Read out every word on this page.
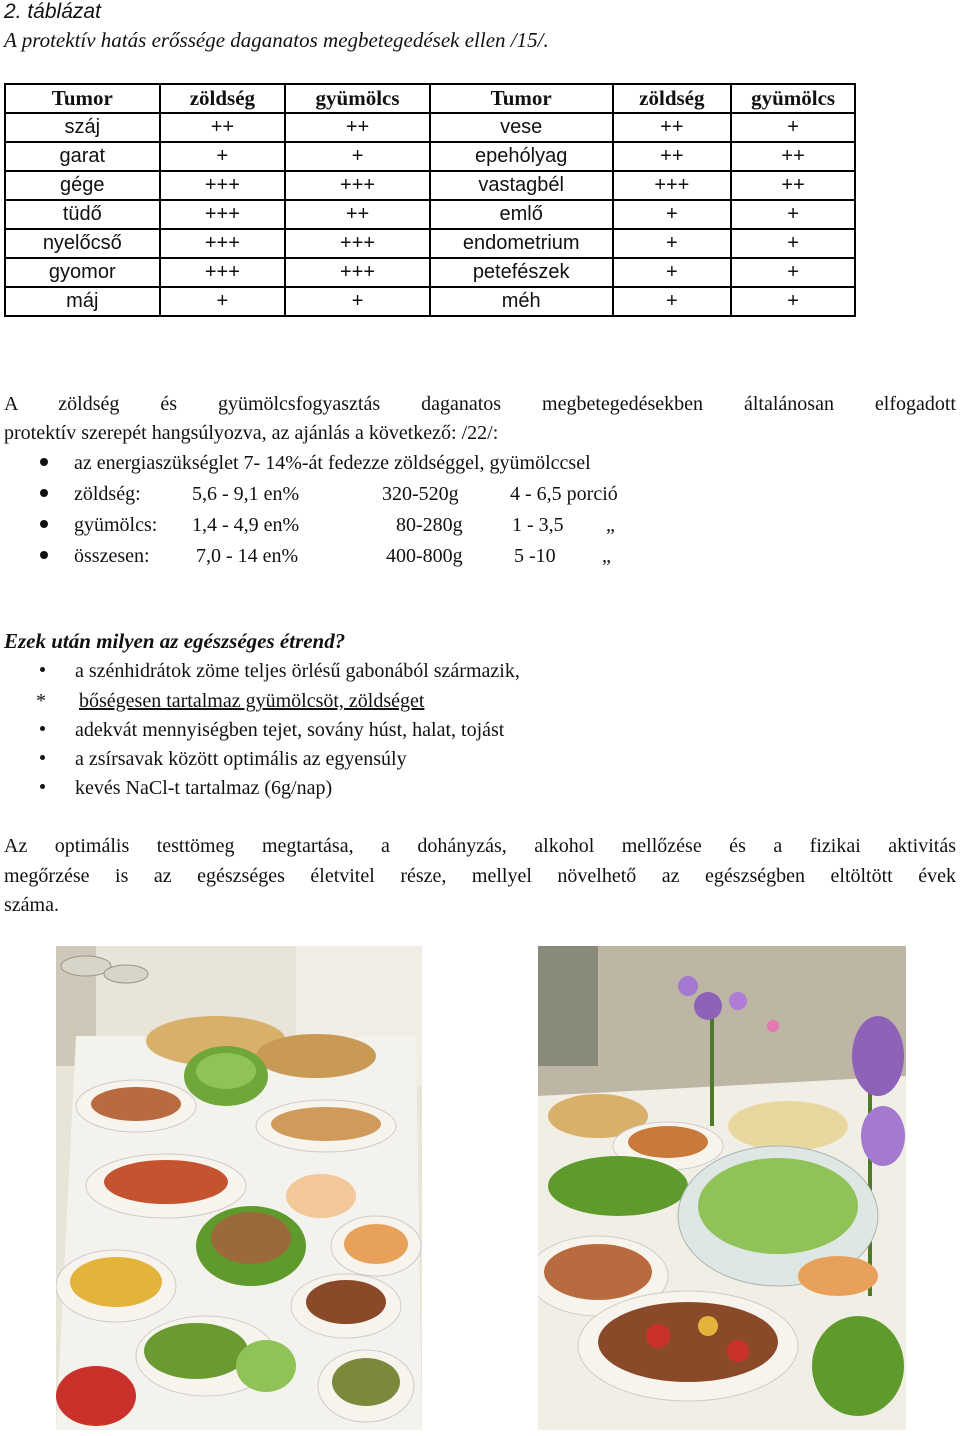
2. táblázat
A protektív hatás erőssége daganatos megbetegedések ellen /15/.
Tumor	zöldség	gyümölcs	Tumor	zöldség	gyümölcs
száj	++	++	vese	++	+
garat	+	+	epehólyag	++	++
gége	+++	+++	vastagbél	+++	++
tüdő	+++	++	emlő	+	+
nyelőcső	+++	+++	endometrium	+	+
gyomor	+++	+++	petefészek	+	+
máj	+	+	méh	+	+
A zöldség és gyümölcsfogyasztás daganatos megbetegedésekben általánosan elfogadott
protektív szerepét hangsúlyozva, az ajánlás a következő: /22/:
az energiaszükséglet 7- 14%-át fedezze zöldséggel, gyümölccsel
zöldség:	5,6 - 9,1 en%	320-520g	4 - 6,5 porció
gyümölcs: 1,4 - 4,9 en%	80-280g 1 - 3,5 „
összesen: 7,0 - 14 en%	400-800g	5 -10 „
Ezek után milyen az egészséges étrend?
a szénhidrátok zöme teljes örlésű gabonából származik,
* bőségesen tartalmaz gyümölcsöt, zöldséget
adekvát mennyiségben tejet, sovány húst, halat, tojást
a zsírsavak között optimális az egyensúly
kevés NaCl-t tartalmaz (6g/nap)
Az optimális testtömeg megtartása, a dohányzás, alkohol mellőzése és a fizikai aktivitás
megőrzése is az egészséges életvitel része, mellyel növelhető az egészségben eltöltött évek
száma.
